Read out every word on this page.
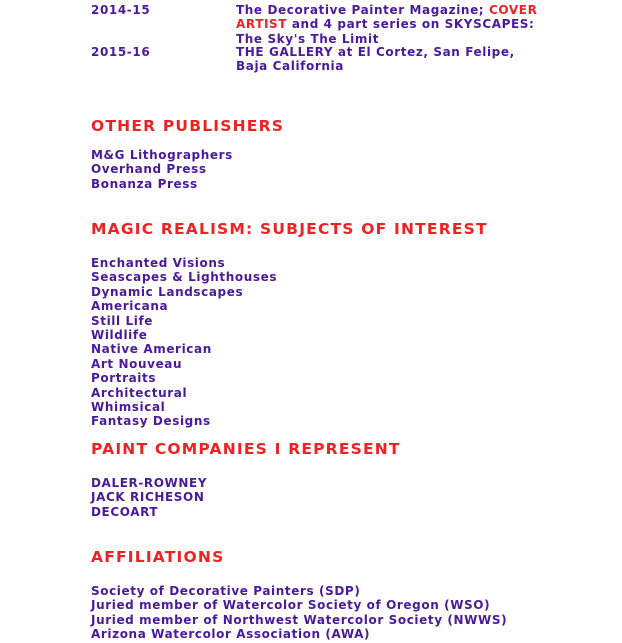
2014-15	The Decorative Painter Magazine; COVER
ARTIST and 4 part series on SKYSCAPES:
The Sky's The Limit
2015-16	THE GALLERY at El Cortez, San Felipe,
Baja California
OTHER PUBLISHERS
M&G Lithographers
Overhand Press
Bonanza Press
MAGIC REALISM: SUBJECTS OF INTEREST
Enchanted Visions
Seascapes & Lighthouses
Dynamic Landscapes
Americana
Still Life
Wildlife
Native American
Art Nouveau
Portraits
Architectural
Whimsical
Fantasy Designs
PAINT COMPANIES I REPRESENT
DALER-ROWNEY
JACK RICHESON
DECOART
AFFILIATIONS
Society of Decorative Painters (SDP)
Juried member of Watercolor Society of Oregon (WSO)
Juried member of Northwest Watercolor Society (NWWS)
Arizona Watercolor Association (AWA)
